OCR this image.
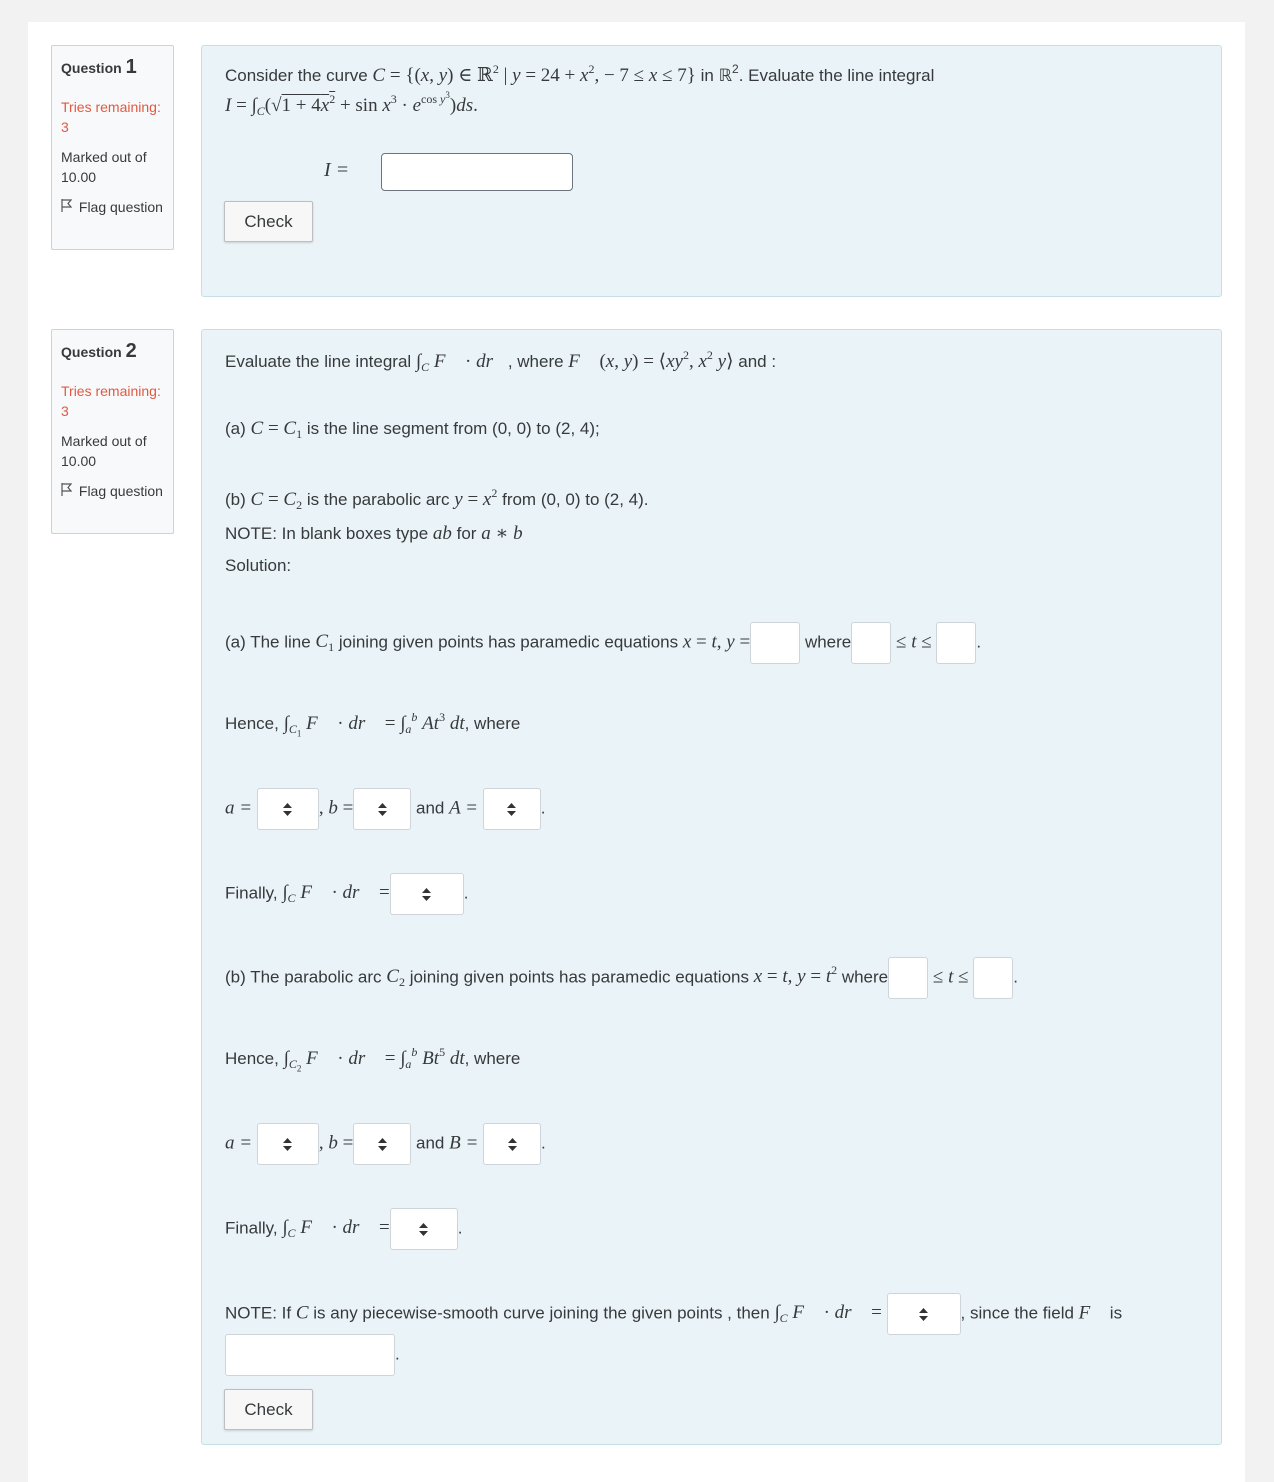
Question 1
Tries remaining: 3
Marked out of 10.00
Flag question
Consider the curve C = {(x, y) ∈ ℝ$^2$ | $y = 24 + x^2$, − 7 ≤ x ≤ 7} in ℝ$^2$. Evaluate the line integral
$I = \int_C(√1 + 4x^2 + \sin x^3 \cdot e^{cos y^3})ds$.
I =
Check
Question 2
Tries remaining: 3
Marked out of 10.00
Flag question
Evaluate the line integral $\int_C$ F⃗ · dr⃗, where F⃗ (x, $y) = ⟨xy^2$, $x^2$ y⟩ and :
(a) $C = C_1$ is the line segment from (0, 0) to (2, 4);
(b) $C = C_2$ is the parabolic arc $y = x^2$ from (0, 0) to (2, 4).
NOTE: In blank boxes type ab for a ∗ b
Solution:
(a) The line $C_1$ joining given points has paramedic equations x = t, y =	where ≤ t ≤ .
Hence, $\int_{C_1}$ F⃗ · dr⃗ = $\int_a^b$ At$^3$ dt, where
a =	, b =	and A =	.
Finally, $\int_C$ F⃗ · dr⃗ =	.
(b) The parabolic arc $C_2$ joining given points has paramedic equations x = t, $y = t^2$ where ≤ t ≤ .
Hence, $\int_{C_2}$ F⃗ · dr⃗ = $\int_a^b$ Bt$^5$ dt, where
a =	, b =	and B =	.
Finally, $\int_C$ F⃗ · dr⃗ =	.
NOTE: If C is any piecewise-smooth curve joining the given points , then $\int_C$ F⃗ · dr⃗ =	, since the field F⃗ is
.
Check
